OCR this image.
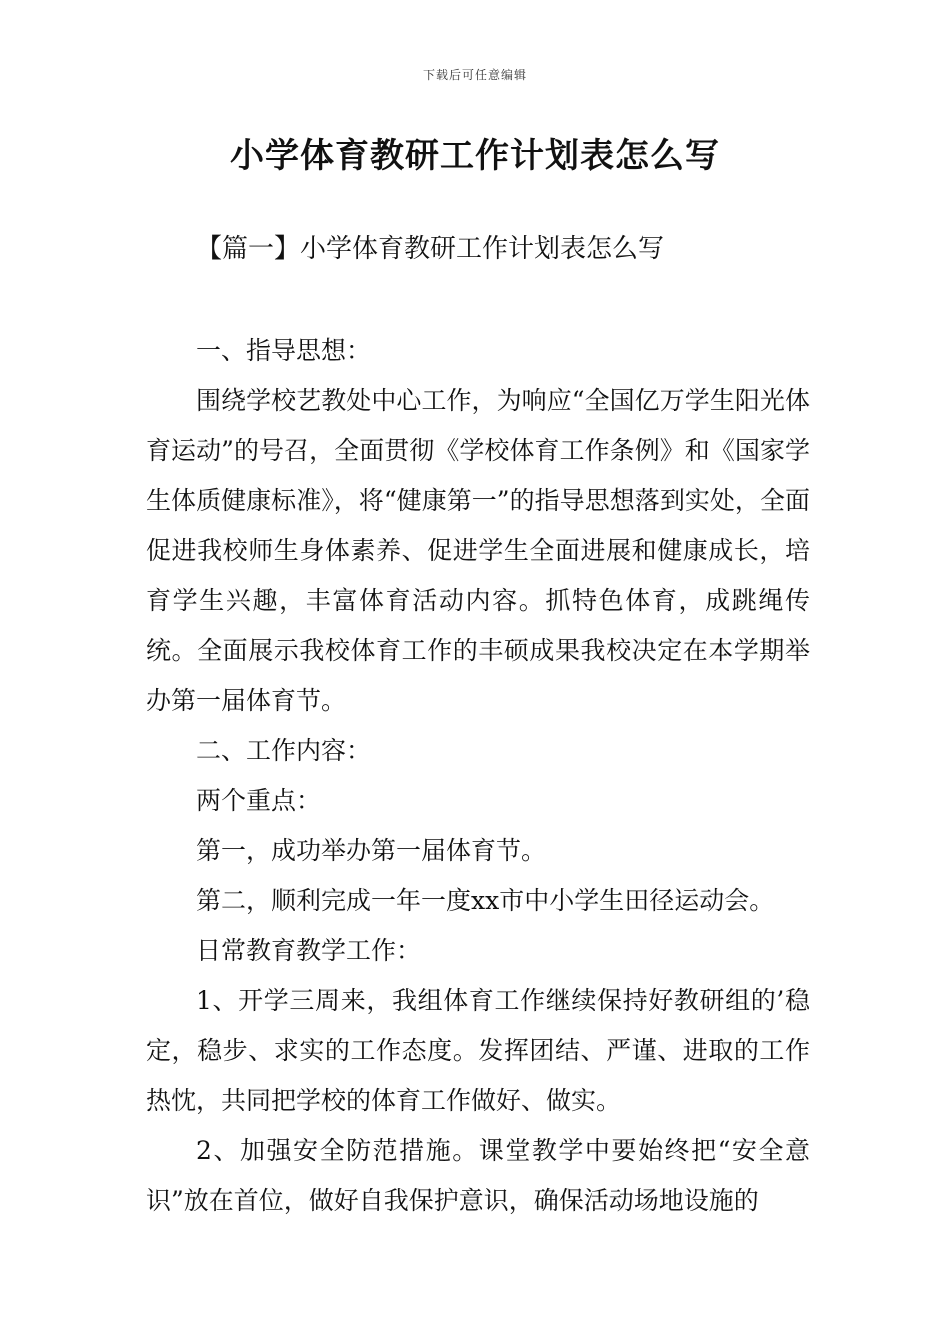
下载后可任意编辑
小学体育教研工作计划表怎么写
【篇一】小学体育教研工作计划表怎么写

一、指导思想：

围绕学校艺教处中心工作，为响应“全国亿万学生阳光体育运动”的号召，全面贯彻《学校体育工作条例》和《国家学生体质健康标准》，将“健康第一”的指导思想落到实处，全面促进我校师生身体素养、促进学生全面进展和健康成长，培育学生兴趣，丰富体育活动内容。抓特色体育，成跳绳传统。全面展示我校体育工作的丰硕成果我校决定在本学期举办第一届体育节。

二、工作内容：

两个重点：

第一，成功举办第一届体育节。

第二，顺利完成一年一度xx市中小学生田径运动会。

日常教育教学工作：

1、开学三周来，我组体育工作继续保持好教研组的’稳定，稳步、求实的工作态度。发挥团结、严谨、进取的工作热忱，共同把学校的体育工作做好、做实。

2、加强安全防范措施。课堂教学中要始终把“安全意识”放在首位，做好自我保护意识，确保活动场地设施的
